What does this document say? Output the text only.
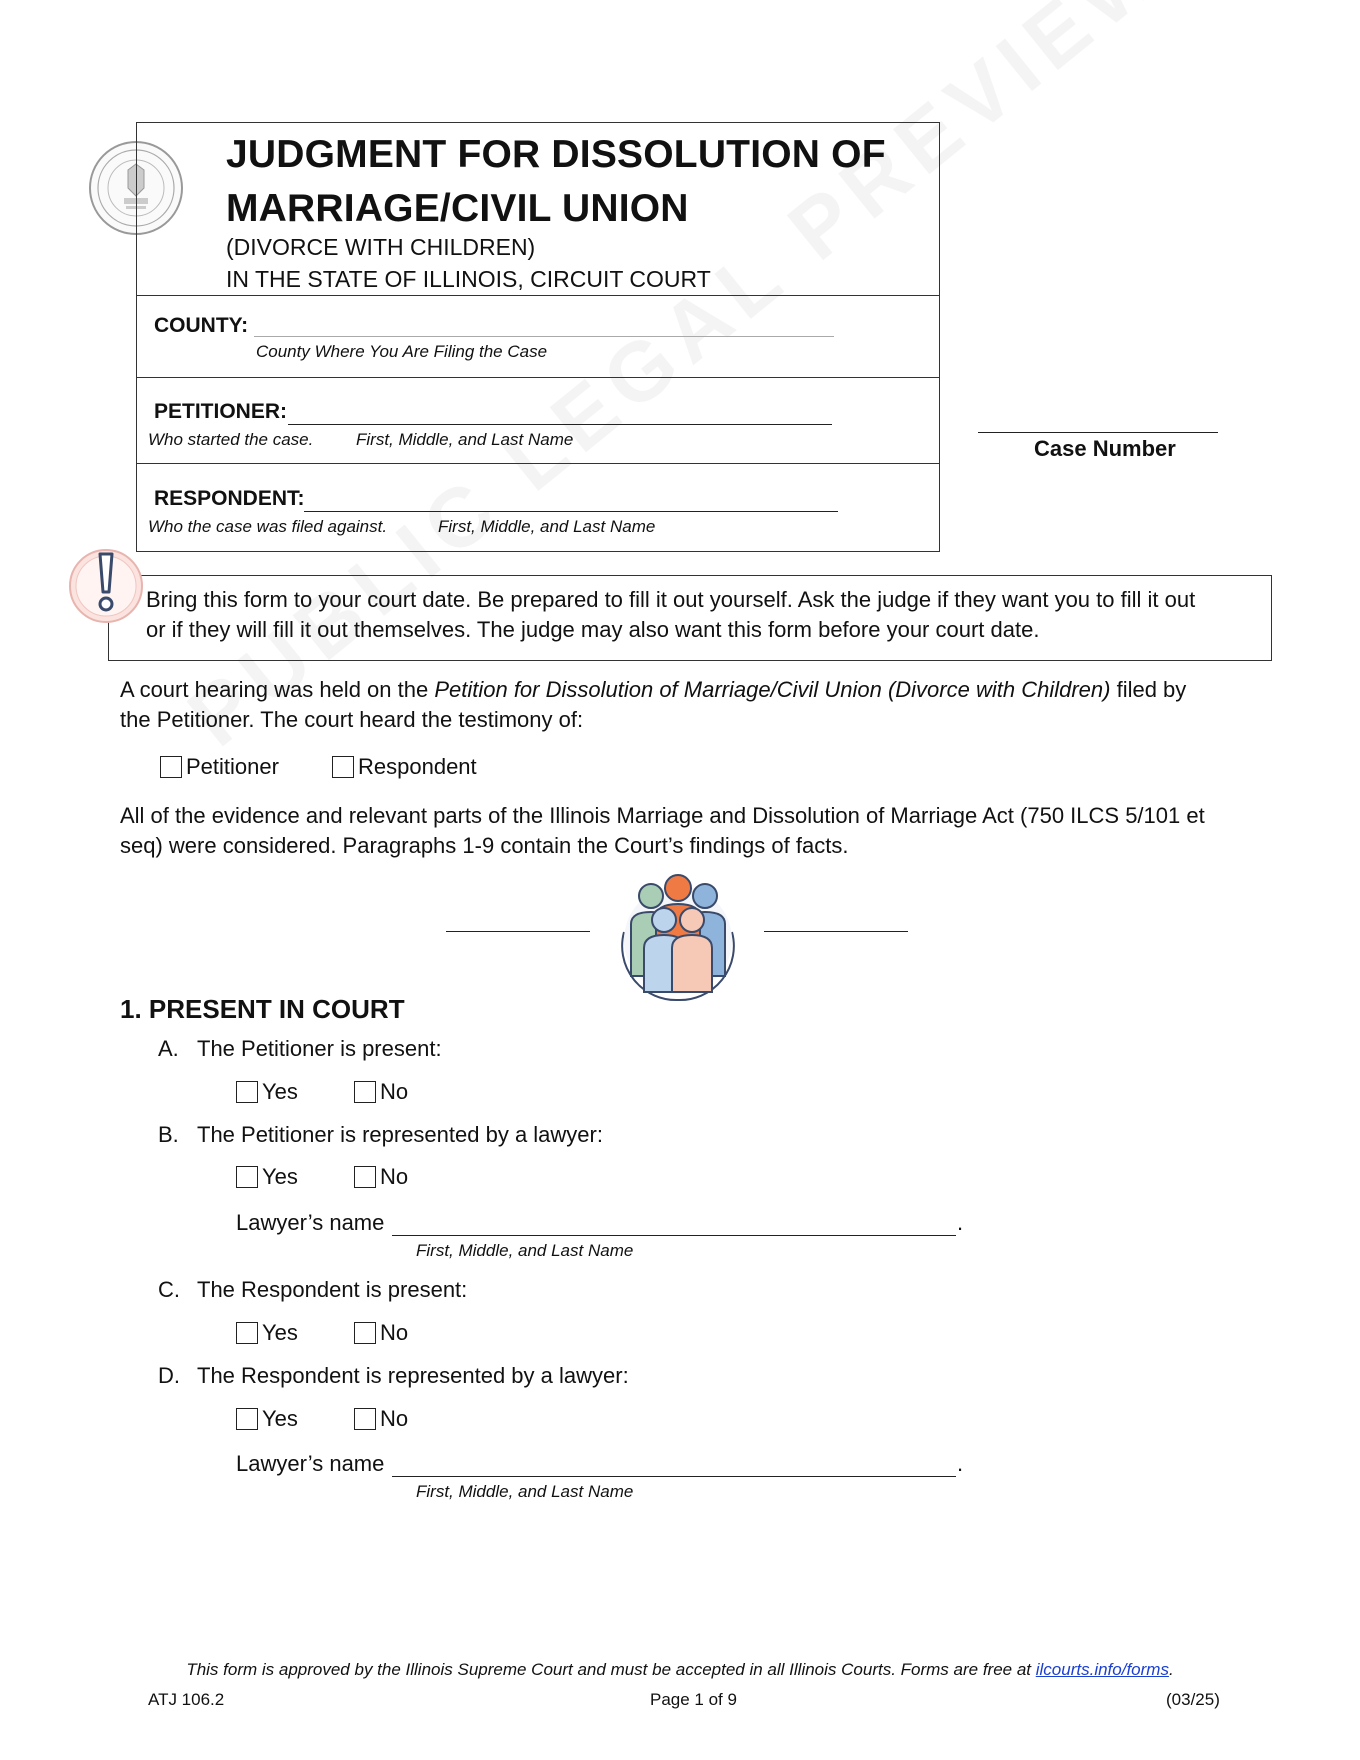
JUDGMENT FOR DISSOLUTION OF
MARRIAGE/CIVIL UNION
(DIVORCE WITH CHILDREN)
IN THE STATE OF ILLINOIS, CIRCUIT COURT
COUNTY:
County Where You Are Filing the Case
PETITIONER:
Who started the case.	First, Middle, and Last Name
RESPONDENT:
Who the case was filed against.	First, Middle, and Last Name
Case Number
Bring this form to your court date. Be prepared to fill it out yourself. Ask the judge if they want you to fill it out
or if they will fill it out themselves. The judge may also want this form before your court date.
A court hearing was held on the Petition for Dissolution of Marriage/Civil Union (Divorce with Children) filed by
the Petitioner. The court heard the testimony of:
Petitioner	Respondent
All of the evidence and relevant parts of the Illinois Marriage and Dissolution of Marriage Act (750 ILCS 5/101 et
seq) were considered. Paragraphs 1-9 contain the Court’s findings of facts.
1. PRESENT IN COURT
A. The Petitioner is present:
Yes	No
B. The Petitioner is represented by a lawyer:
Yes	No
Lawyer’s name	.
First, Middle, and Last Name
C. The Respondent is present:
Yes	No
D. The Respondent is represented by a lawyer:
Yes	No
Lawyer’s name	.
First, Middle, and Last Name
This form is approved by the Illinois Supreme Court and must be accepted in all Illinois Courts. Forms are free at ilcourts.info/forms.
ATJ 106.2	Page 1 of 9	(03/25)
